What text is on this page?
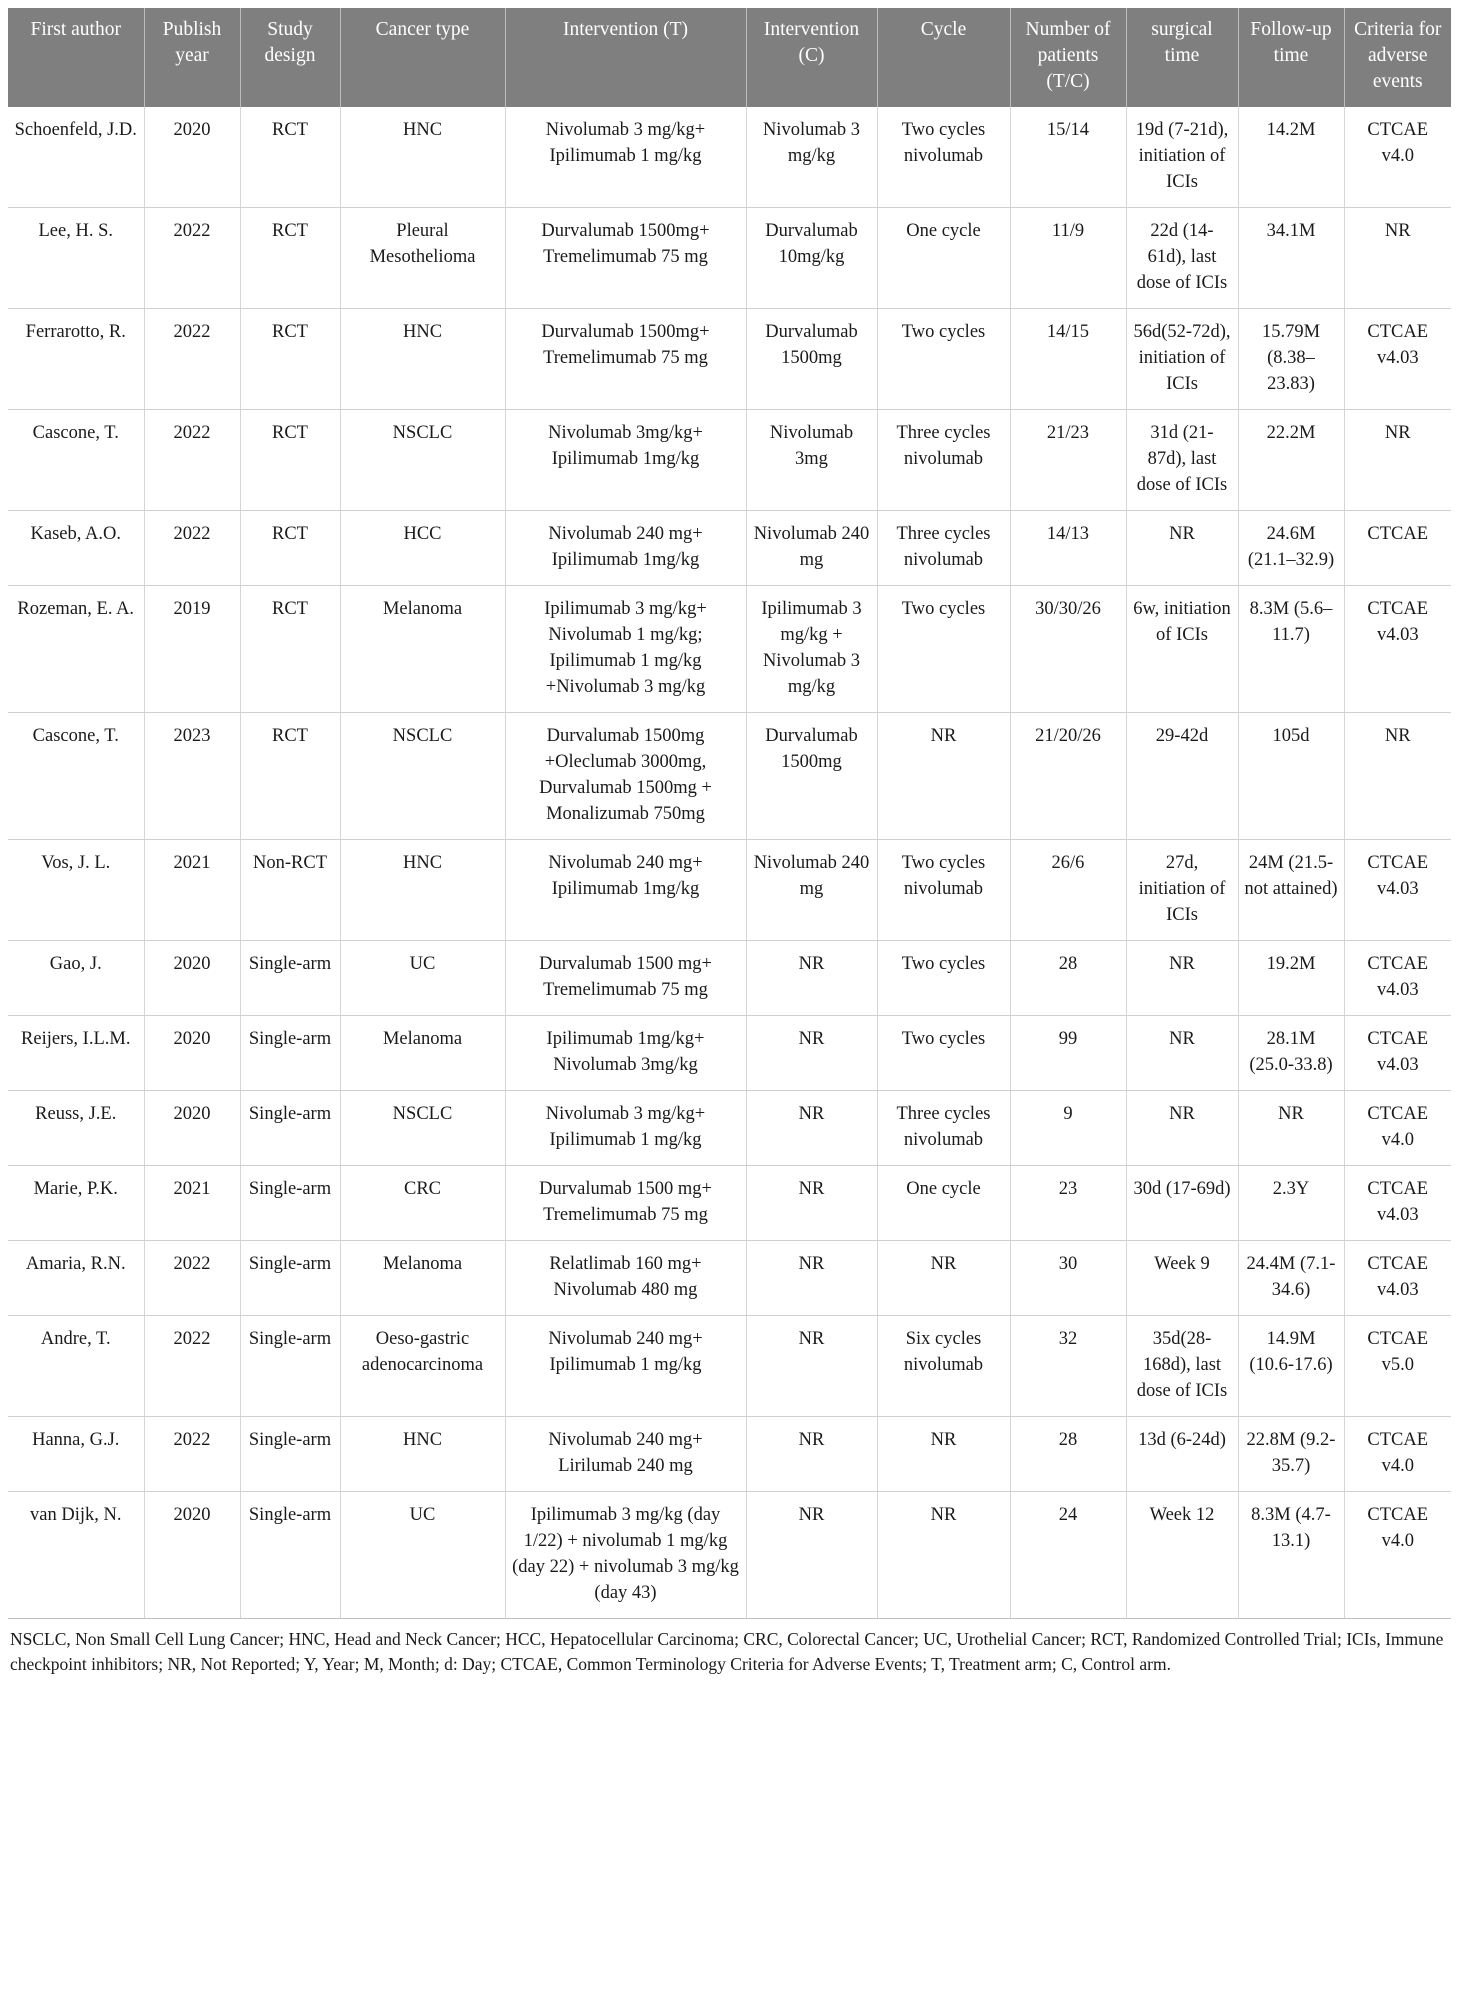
First author	Publish year	Study design	Cancer type	Intervention (T)	Intervention (C)	Cycle	Number of patients (T/C)	surgical time	Follow-up time	Criteria for adverse events
Schoenfeld, J.D.	2020	RCT	HNC	Nivolumab 3 mg/kg+ Ipilimumab 1 mg/kg	Nivolumab 3 mg/kg	Two cycles nivolumab	15/14	19d (7-21d), initiation of ICIs	14.2M	CTCAE v4.0
Lee, H. S.	2022	RCT	Pleural Mesothelioma	Durvalumab 1500mg+ Tremelimumab 75 mg	Durvalumab 10mg/kg	One cycle	11/9	22d (14-61d), last dose of ICIs	34.1M	NR
Ferrarotto, R.	2022	RCT	HNC	Durvalumab 1500mg+ Tremelimumab 75 mg	Durvalumab 1500mg	Two cycles	14/15	56d(52-72d), initiation of ICIs	15.79M (8.38–23.83)	CTCAE v4.03
Cascone, T.	2022	RCT	NSCLC	Nivolumab 3mg/kg+ Ipilimumab 1mg/kg	Nivolumab 3mg	Three cycles nivolumab	21/23	31d (21-87d), last dose of ICIs	22.2M	NR
Kaseb, A.O.	2022	RCT	HCC	Nivolumab 240 mg+ Ipilimumab 1mg/kg	Nivolumab 240 mg	Three cycles nivolumab	14/13	NR	24.6M (21.1–32.9)	CTCAE
Rozeman, E. A.	2019	RCT	Melanoma	Ipilimumab 3 mg/kg+ Nivolumab 1 mg/kg; Ipilimumab 1 mg/kg +Nivolumab 3 mg/kg	Ipilimumab 3 mg/kg + Nivolumab 3 mg/kg	Two cycles	30/30/26	6w, initiation of ICIs	8.3M (5.6–11.7)	CTCAE v4.03
Cascone, T.	2023	RCT	NSCLC	Durvalumab 1500mg +Oleclumab 3000mg, Durvalumab 1500mg + Monalizumab 750mg	Durvalumab 1500mg	NR	21/20/26	29-42d	105d	NR
Vos, J. L.	2021	Non-RCT	HNC	Nivolumab 240 mg+ Ipilimumab 1mg/kg	Nivolumab 240 mg	Two cycles nivolumab	26/6	27d, initiation of ICIs	24M (21.5-not attained)	CTCAE v4.03
Gao, J.	2020	Single-arm	UC	Durvalumab 1500 mg+ Tremelimumab 75 mg	NR	Two cycles	28	NR	19.2M	CTCAE v4.03
Reijers, I.L.M.	2020	Single-arm	Melanoma	Ipilimumab 1mg/kg+ Nivolumab 3mg/kg	NR	Two cycles	99	NR	28.1M (25.0-33.8)	CTCAE v4.03
Reuss, J.E.	2020	Single-arm	NSCLC	Nivolumab 3 mg/kg+ Ipilimumab 1 mg/kg	NR	Three cycles nivolumab	9	NR	NR	CTCAE v4.0
Marie, P.K.	2021	Single-arm	CRC	Durvalumab 1500 mg+ Tremelimumab 75 mg	NR	One cycle	23	30d (17-69d)	2.3Y	CTCAE v4.03
Amaria, R.N.	2022	Single-arm	Melanoma	Relatlimab 160 mg+ Nivolumab 480 mg	NR	NR	30	Week 9	24.4M (7.1-34.6)	CTCAE v4.03
Andre, T.	2022	Single-arm	Oeso-gastric adenocarcinoma	Nivolumab 240 mg+ Ipilimumab 1 mg/kg	NR	Six cycles nivolumab	32	35d(28-168d), last dose of ICIs	14.9M (10.6-17.6)	CTCAE v5.0
Hanna, G.J.	2022	Single-arm	HNC	Nivolumab 240 mg+ Lirilumab 240 mg	NR	NR	28	13d (6-24d)	22.8M (9.2-35.7)	CTCAE v4.0
van Dijk, N.	2020	Single-arm	UC	Ipilimumab 3 mg/kg (day 1/22) + nivolumab 1 mg/kg (day 22) + nivolumab 3 mg/kg (day 43)	NR	NR	24	Week 12	8.3M (4.7-13.1)	CTCAE v4.0
NSCLC, Non Small Cell Lung Cancer; HNC, Head and Neck Cancer; HCC, Hepatocellular Carcinoma; CRC, Colorectal Cancer; UC, Urothelial Cancer; RCT, Randomized Controlled Trial; ICIs, Immune checkpoint inhibitors; NR, Not Reported; Y, Year; M, Month; d: Day; CTCAE, Common Terminology Criteria for Adverse Events; T, Treatment arm; C, Control arm.
